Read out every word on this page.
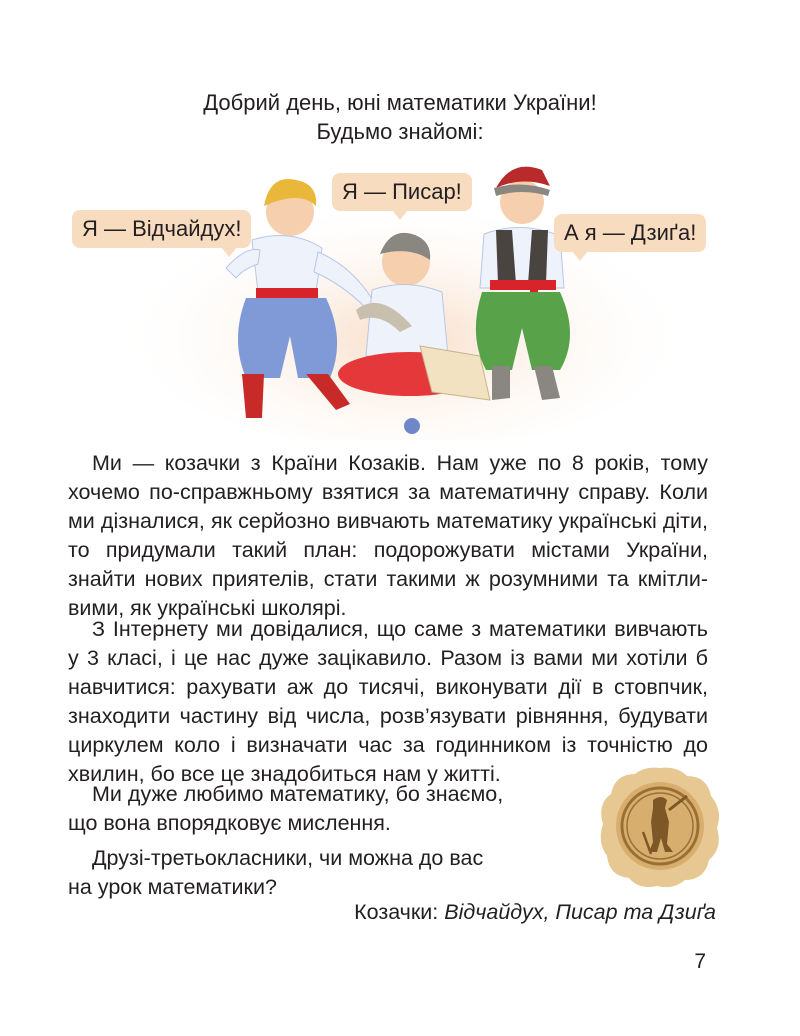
Добрий день, юні математики України!
Будьмо знайомі:
Я — Відчайдух!
Я — Писар!
А я — Дзиґа!

Ми — козачки з Країни Козаків. Нам уже по 8 років, тому хочемо по-справжньому взятися за математичну справу. Коли ми дізналися, як серйозно вивчають математику українські діти, то придумали такий план: подорожувати містами України, знайти нових приятелів, стати такими ж розумними та кмітли-вими, як українські школярі.

З Інтернету ми довідалися, що саме з математики вивчають у 3 класі, і це нас дуже зацікавило. Разом із вами ми хотіли б навчитися: рахувати аж до тисячі, виконувати дії в стовпчик, знаходити частину від числа, розв’язувати рівняння, будувати циркулем коло і визначати час за годинником із точністю до хвилин, бо все це знадобиться нам у житті.

Ми дуже любимо математику, бо знаємо,
що вона впорядковує мислення.
Друзі-третьокласники, чи можна до вас
на урок математики?
Козачки: Відчайдух, Писар та Дзиґа
7
